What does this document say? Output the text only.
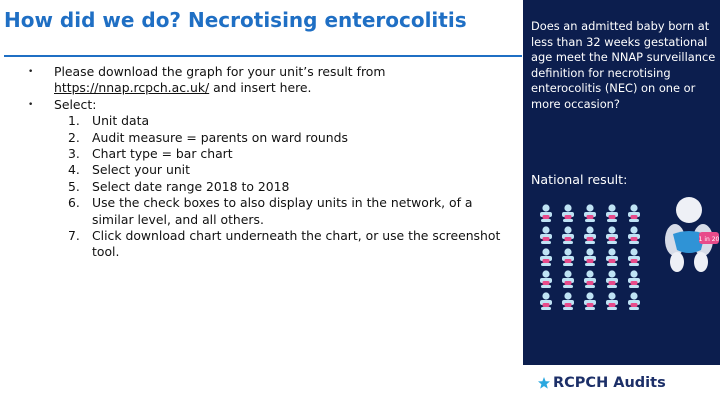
How did we do? Necrotising enterocolitis
• Please download the graph for your unit’s result from https://nnap.rcpch.ac.uk/ and insert here.
• Select:
1. Unit data
2. Audit measure = parents on ward rounds
3. Chart type = bar chart
4. Select your unit
5. Select date range 2018 to 2018
6. Use the check boxes to also display units in the network, of a similar level, and all others.
7. Click download chart underneath the chart, or use the screenshot tool.
Does an admitted baby born at less than 32 weeks gestational age meet the NNAP surveillance definition for necrotising enterocolitis (NEC) on one or more occasion?
National result:
1 in 20
RCPCH Audits
